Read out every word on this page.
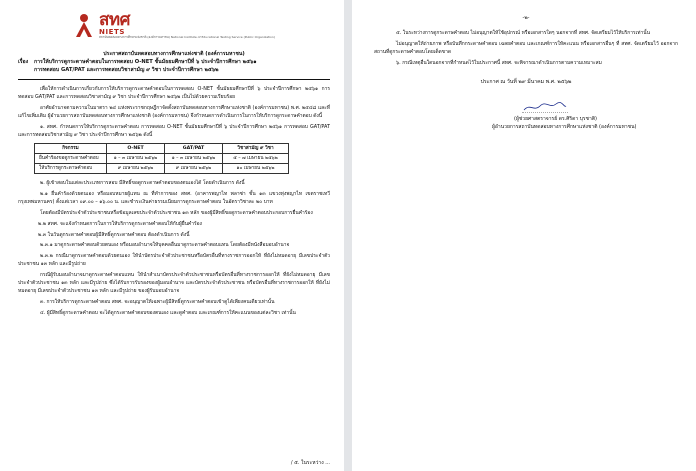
สทศ
NIETS
สถาบันทดสอบทางการศึกษาแห่งชาติ (องค์การมหาชน) National Institute of Educational Testing Service (Public Organization)
ประกาศสถาบันทดสอบทางการศึกษาแห่งชาติ (องค์การมหาชน)
เรื่อง การให้บริการดูกระดาษคำตอบในการทดสอบ O-NET ชั้นมัธยมศึกษาปีที่ ๖ ประจำปีการศึกษา ๒๕๖๑
การทดสอบ GAT/PAT และการทดสอบวิชาสามัญ ๙ วิชา ประจำปีการศึกษา ๒๕๖๒

เพื่อให้การดำเนินการเกี่ยวกับการให้บริการดูกระดาษคำตอบในการทดสอบ O-NET ชั้นมัธยมศึกษาปีที่ ๖ ประจำปีการศึกษา ๒๕๖๑ การทดสอบ GAT/PAT และการทดสอบวิชาสามัญ ๙ วิชา ประจำปีการศึกษา ๒๕๖๒ เป็นไปด้วยความเรียบร้อย

อาศัยอำนาจตามความในมาตรา ๒๔ แห่งพระราชกฤษฎีกาจัดตั้งสถาบันทดสอบทางการศึกษาแห่งชาติ (องค์การมหาชน) พ.ศ. ๒๕๔๘ และที่แก้ไขเพิ่มเติม ผู้อำนวยการสถาบันทดสอบทางการศึกษาแห่งชาติ (องค์การมหาชน) จึงกำหนดการดำเนินการในการให้บริการดูกระดาษคำตอบ ดังนี้

๑. สทศ. กำหนดการให้บริการดูกระดาษคำตอบ การทดสอบ O-NET ชั้นมัธยมศึกษาปีที่ ๖ ประจำปีการศึกษา ๒๕๖๑ การทดสอบ GAT/PAT และการทดสอบวิชาสามัญ ๙ วิชา ประจำปีการศึกษา ๒๕๖๒ ดังนี้

กิจกรรม	O-NET	GAT/PAT	วิชาสามัญ ๙ วิชา
ยื่นคำร้องขอดูกระดาษคำตอบ	๑ – ๓ เมษายน ๒๕๖๒	๑ – ๓ เมษายน ๒๕๖๒	๕ – ๗ เมษายน ๒๕๖๒
ให้บริการดูกระดาษคำตอบ	๙ เมษายน ๒๕๖๒	๙ เมษายน ๒๕๖๒	๑๐ เมษายน ๒๕๖๒

๒. ผู้เข้าสอบในแต่ละประเภทการสอบ มีสิทธิ์ขอดูกระดาษคำตอบของตนเองได้ โดยดำเนินการ ดังนี้

๒.๑ ยื่นคำร้องด้วยตนเอง หรือมอบหมายผู้แทน ณ ที่ทำการของ สทศ. (อาคารพญาไท พลาซ่า ชั้น ๑๓ แขวงทุ่งพญาไท เขตราชเทวี กรุงเทพมหานคร) ตั้งแต่เวลา ๐๙.๐๐ – ๑๖.๐๐ น. และชำระเงินค่าธรรมเนียมการดูกระดาษคำตอบ ในอัตราวิชาละ ๒๐ บาท

โดยต้องมีบัตรประจำตัวประชาชนหรือข้อมูลเลขประจำตัวประชาชน ๑๓ หลัก ของผู้มีสิทธิ์ขอดูกระดาษคำตอบประกอบการยื่นคำร้อง

๒.๒ สทศ. จะแจ้งกำหนดการในการให้บริการดูกระดาษคำตอบให้กับผู้ยื่นคำร้อง

๒.๓ ในวันดูกระดาษคำตอบผู้มีสิทธิ์ดูกระดาษคำตอบ ต้องดำเนินการ ดังนี้

๒.๓.๑ มาดูกระดาษคำตอบด้วยตนเอง หรือมอบอำนาจให้บุคคลอื่นมาดูกระดาษคำตอบแทน โดยต้องมีหนังสือมอบอำนาจ

๒.๓.๒ กรณีมาดูกระดาษคำตอบด้วยตนเอง ให้นำบัตรประจำตัวประชาชนหรือบัตรอื่นที่ทางราชการออกให้ ที่ยังไม่หมดอายุ มีเลขประจำตัวประชาชน ๑๓ หลัก และมีรูปถ่าย

กรณีผู้รับมอบอำนาจมาดูกระดาษคำตอบแทน ให้นำสำเนาบัตรประจำตัวประชาชนหรือบัตรอื่นที่ทางราชการออกให้ ที่ยังไม่หมดอายุ มีเลขประจำตัวประชาชน ๑๓ หลัก และมีรูปถ่าย ซึ่งได้รับการรับรองของผู้มอบอำนาจ และบัตรประจำตัวประชาชน หรือบัตรอื่นที่ทางราชการออกให้ ที่ยังไม่หมดอายุ มีเลขประจำตัวประชาชน ๑๓ หลัก และมีรูปถ่าย ของผู้รับมอบอำนาจ

๓. การให้บริการดูกระดาษคำตอบ สทศ. จะอนุญาตให้เฉพาะผู้มีสิทธิ์ดูกระดาษคำตอบเข้าดูได้เพียงคนเดียวเท่านั้น

๔. ผู้มีสิทธิ์ดูกระดาษคำตอบ จะได้ดูกระดาษคำตอบของตนเอง และดูคำตอบ และเกณฑ์การให้คะแนนของแต่ละวิชา เท่านั้น

/ ๕. ในระหว่าง ...
-๒-

๕. ในระหว่างการดูกระดาษคำตอบ ไม่อนุญาตให้ใช้อุปกรณ์ หรือเอกสารใดๆ นอกจากที่ สทศ. จัดเตรียมไว้ให้บริการเท่านั้น

ไม่อนุญาตให้ถ่ายภาพ หรือบันทึกกระดาษคำตอบ เฉลยคำตอบ และเกณฑ์การให้คะแนน หรือเอกสารอื่นๆ ที่ สทศ. จัดเตรียมไว้ ออกจากสถานที่ดูกระดาษคำตอบโดยเด็ดขาด

๖. กรณีเหตุอื่นใดนอกจากที่กำหนดไว้ในประกาศนี้ สทศ. จะพิจารณาดำเนินการตามความเหมาะสม

ประกาศ ณ วันที่ ๒๙ มีนาคม พ.ศ. ๒๕๖๒
(ผู้ช่วยศาสตราจารย์ ดร.ศิริดา บุรชาติ)
ผู้อำนวยการสถาบันทดสอบทางการศึกษาแห่งชาติ (องค์การมหาชน)
